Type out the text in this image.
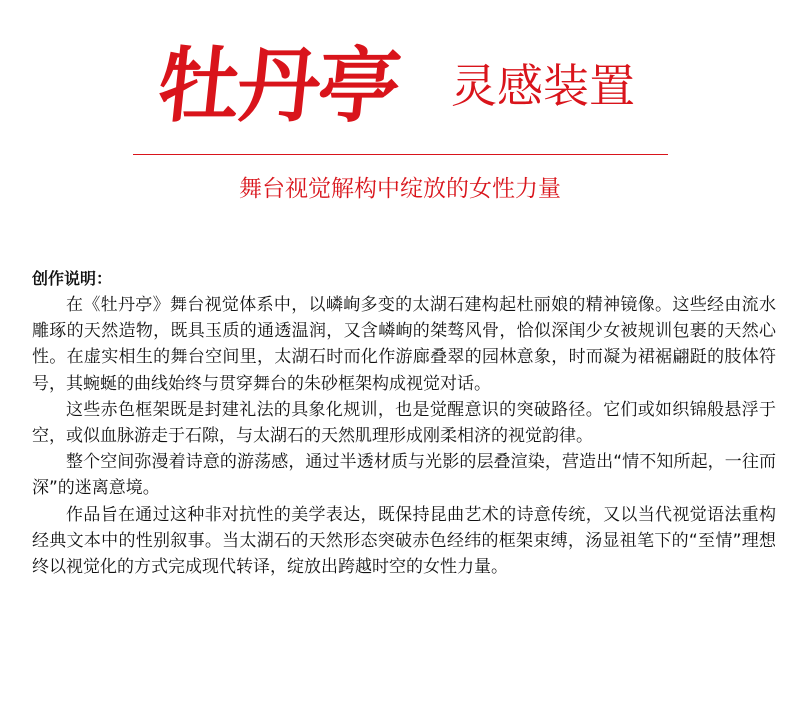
牡丹亭 灵感装置
舞台视觉解构中绽放的女性力量

创作说明：

在《牡丹亭》舞台视觉体系中，以嶙峋多变的太湖石建构起杜丽娘的精神镜像。这些经由流水雕琢的天然造物，既具玉质的通透温润，又含嶙峋的桀骜风骨，恰似深闺少女被规训包裹的天然心性。在虚实相生的舞台空间里，太湖石时而化作游廊叠翠的园林意象，时而凝为裙裾翩跹的肢体符号，其蜿蜒的曲线始终与贯穿舞台的朱砂框架构成视觉对话。

这些赤色框架既是封建礼法的具象化规训，也是觉醒意识的突破路径。它们或如织锦般悬浮于空，或似血脉游走于石隙，与太湖石的天然肌理形成刚柔相济的视觉韵律。

整个空间弥漫着诗意的游荡感，通过半透材质与光影的层叠渲染，营造出“情不知所起，一往而深”的迷离意境。

作品旨在通过这种非对抗性的美学表达，既保持昆曲艺术的诗意传统，又以当代视觉语法重构经典文本中的性别叙事。当太湖石的天然形态突破赤色经纬的框架束缚，汤显祖笔下的“至情”理想终以视觉化的方式完成现代转译，绽放出跨越时空的女性力量。
